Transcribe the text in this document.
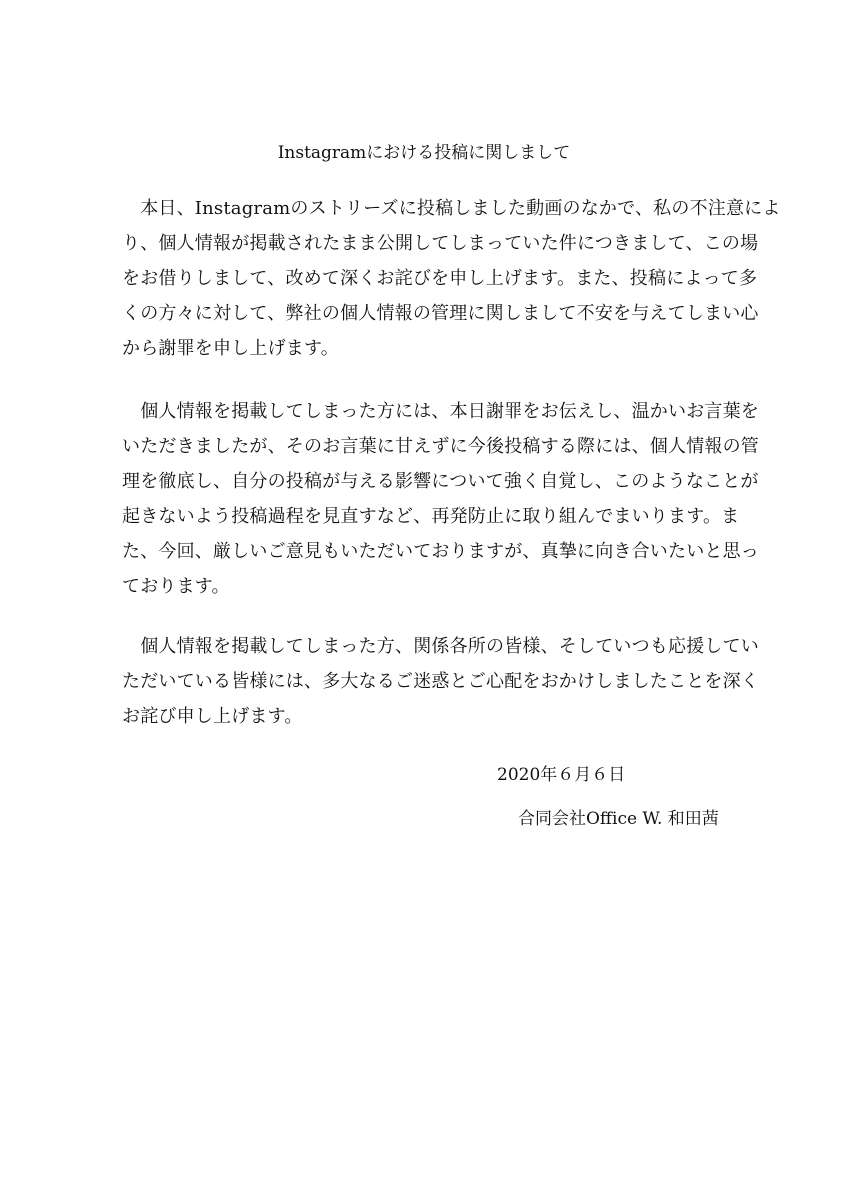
Instagramにおける投稿に関しまして
　本日、Instagramのストリーズに投稿しました動画のなかで、私の不注意によ
り、個人情報が掲載されたまま公開してしまっていた件につきまして、この場
をお借りしまして、改めて深くお詫びを申し上げます。また、投稿によって多
くの方々に対して、弊社の個人情報の管理に関しまして不安を与えてしまい心
から謝罪を申し上げます。
　個人情報を掲載してしまった方には、本日謝罪をお伝えし、温かいお言葉を
いただきましたが、そのお言葉に甘えずに今後投稿する際には、個人情報の管
理を徹底し、自分の投稿が与える影響について強く自覚し、このようなことが
起きないよう投稿過程を見直すなど、再発防止に取り組んでまいります。ま
た、今回、厳しいご意見もいただいておりますが、真摯に向き合いたいと思っ
ております。
　個人情報を掲載してしまった方、関係各所の皆様、そしていつも応援してい
ただいている皆様には、多大なるご迷惑とご心配をおかけしましたことを深く
お詫び申し上げます。
2020年６月６日
合同会社Office W. 和田茜
